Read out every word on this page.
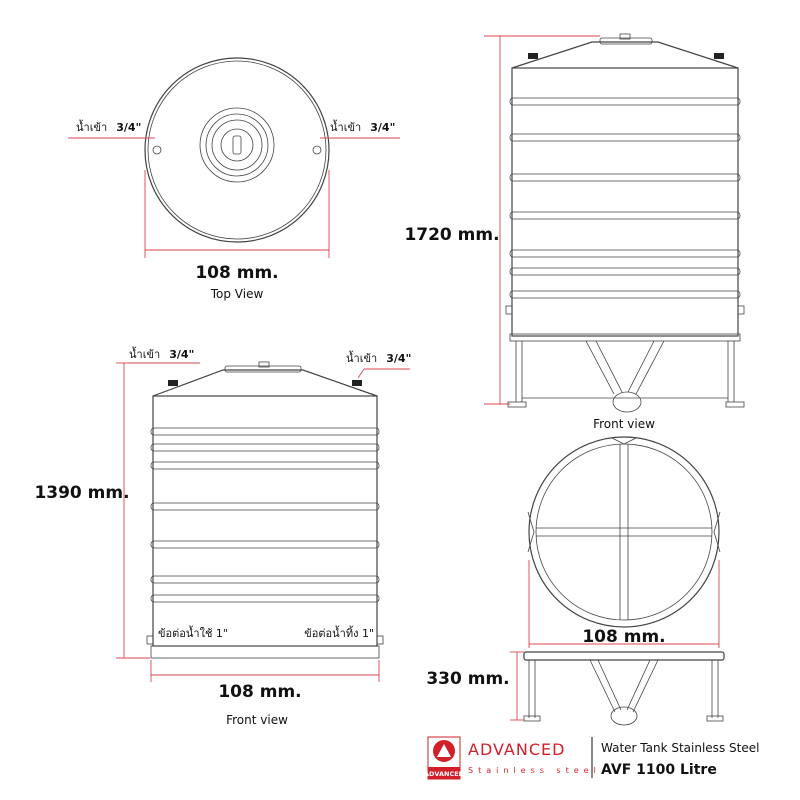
น้ำเข้า 3/4"	น้ำเข้า 3/4"
108 mm.
Top View
1720 mm.
Front view
น้ำเข้า 3/4"	น้ำเข้า 3/4"
ข้อต่อน้ำใช้ 1"	ข้อต่อน้ำทิ้ง 1"
1390 mm.
108 mm.
Front view
108 mm.
330 mm.
ADVANCED
ADVANCED
Stainless steel
Water Tank Stainless Steel
AVF 1100 Litre
